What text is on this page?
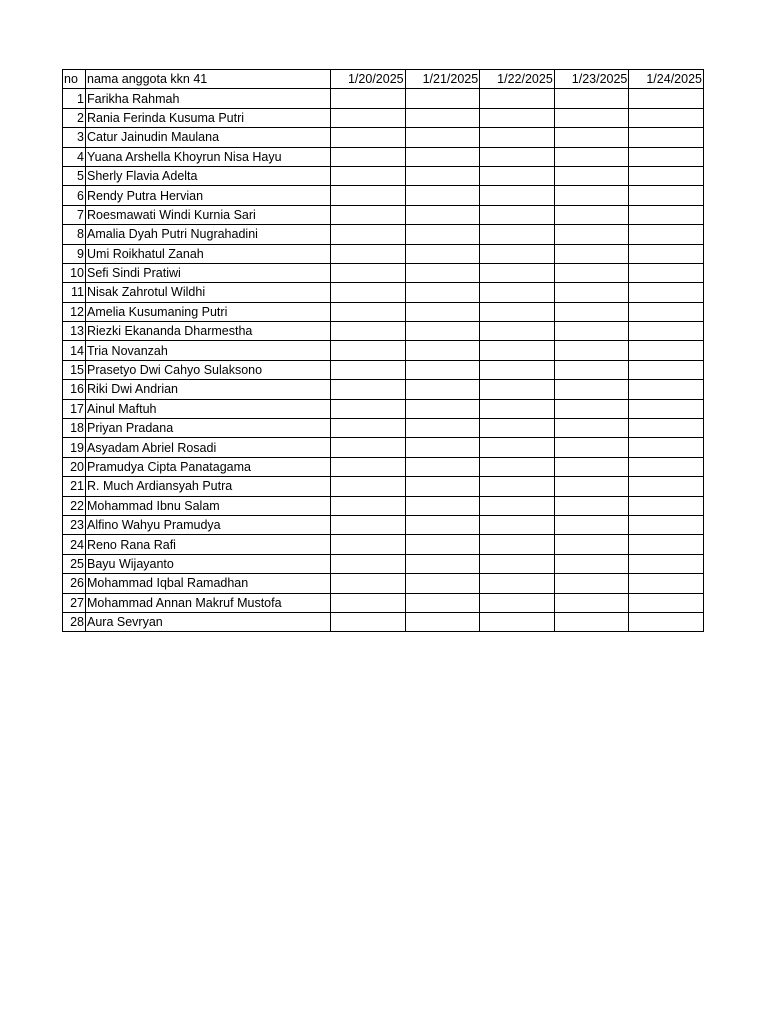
no	nama anggota kkn 41	1/20/2025	1/21/2025	1/22/2025	1/23/2025	1/24/2025
1	Farikha Rahmah					
2	Rania Ferinda Kusuma Putri					
3	Catur Jainudin Maulana					
4	Yuana Arshella Khoyrun Nisa Hayu					
5	Sherly Flavia Adelta					
6	Rendy Putra Hervian					
7	Roesmawati Windi Kurnia Sari					
8	Amalia Dyah Putri Nugrahadini					
9	Umi Roikhatul Zanah					
10	Sefi Sindi Pratiwi					
11	Nisak Zahrotul Wildhi					
12	Amelia Kusumaning Putri					
13	Riezki Ekananda Dharmestha					
14	Tria Novanzah					
15	Prasetyo Dwi Cahyo Sulaksono					
16	Riki Dwi Andrian					
17	Ainul Maftuh					
18	Priyan Pradana					
19	Asyadam Abriel Rosadi					
20	Pramudya Cipta Panatagama					
21	R. Much Ardiansyah Putra					
22	Mohammad Ibnu Salam					
23	Alfino Wahyu Pramudya					
24	Reno Rana Rafi					
25	Bayu Wijayanto					
26	Mohammad Iqbal Ramadhan					
27	Mohammad Annan Makruf Mustofa					
28	Aura Sevryan					
